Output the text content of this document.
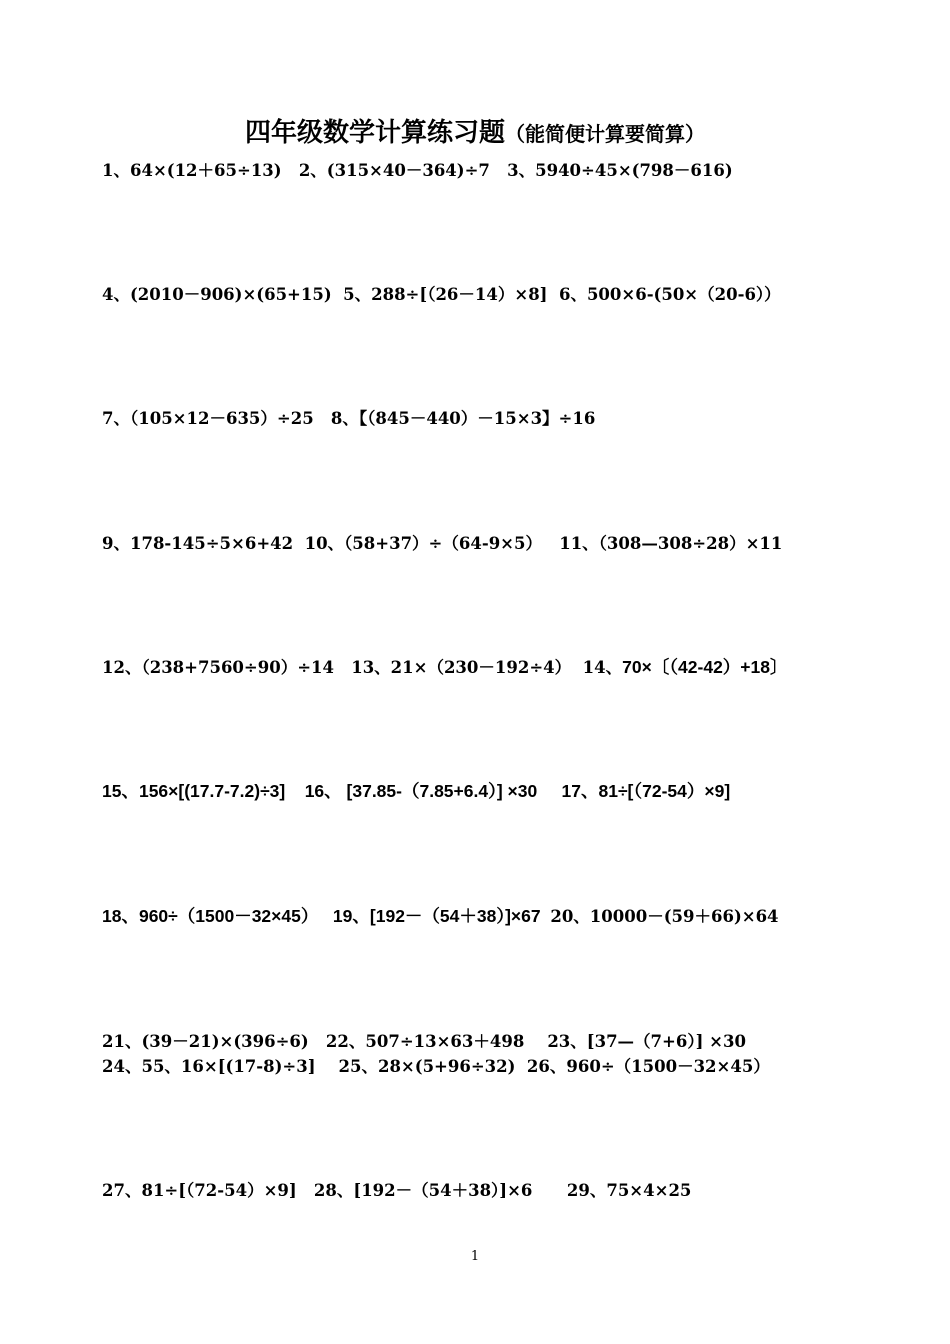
四年级数学计算练习题（能简便计算要简算）
1、64×(12＋65÷13)   2、(315×40－364)÷7   3、5940÷45×(798－616)
4、(2010－906)×(65+15)  5、288÷[（26－14）×8]  6、500×6-(50×（20-6））
7、（105×12－635）÷25   8、【（845－440）－15×3】÷16
9、178-145÷5×6+42  10、（58+37）÷（64-9×5）   11、（308—308÷28）×11
12、（238+7560÷90）÷14   13、21×（230－192÷4）  14、70×〔（42-42）+18〕
15、156×[(17.7-7.2)÷3]    16、 [37.85-（7.85+6.4）] ×30     17、81÷[（72-54）×9]
18、960÷（1500－32×45）   19、[192－（54＋38）]×67  20、10000－(59＋66)×64
21、(39－21)×(396÷6)   22、507÷13×63＋498    23、[37—（7+6）] ×30
24、55、16×[(17-8)÷3]    25、28×(5+96÷32)  26、960÷（1500－32×45）
27、81÷[（72-54）×9]   28、[192－（54＋38）]×6      29、75×4×25
1
